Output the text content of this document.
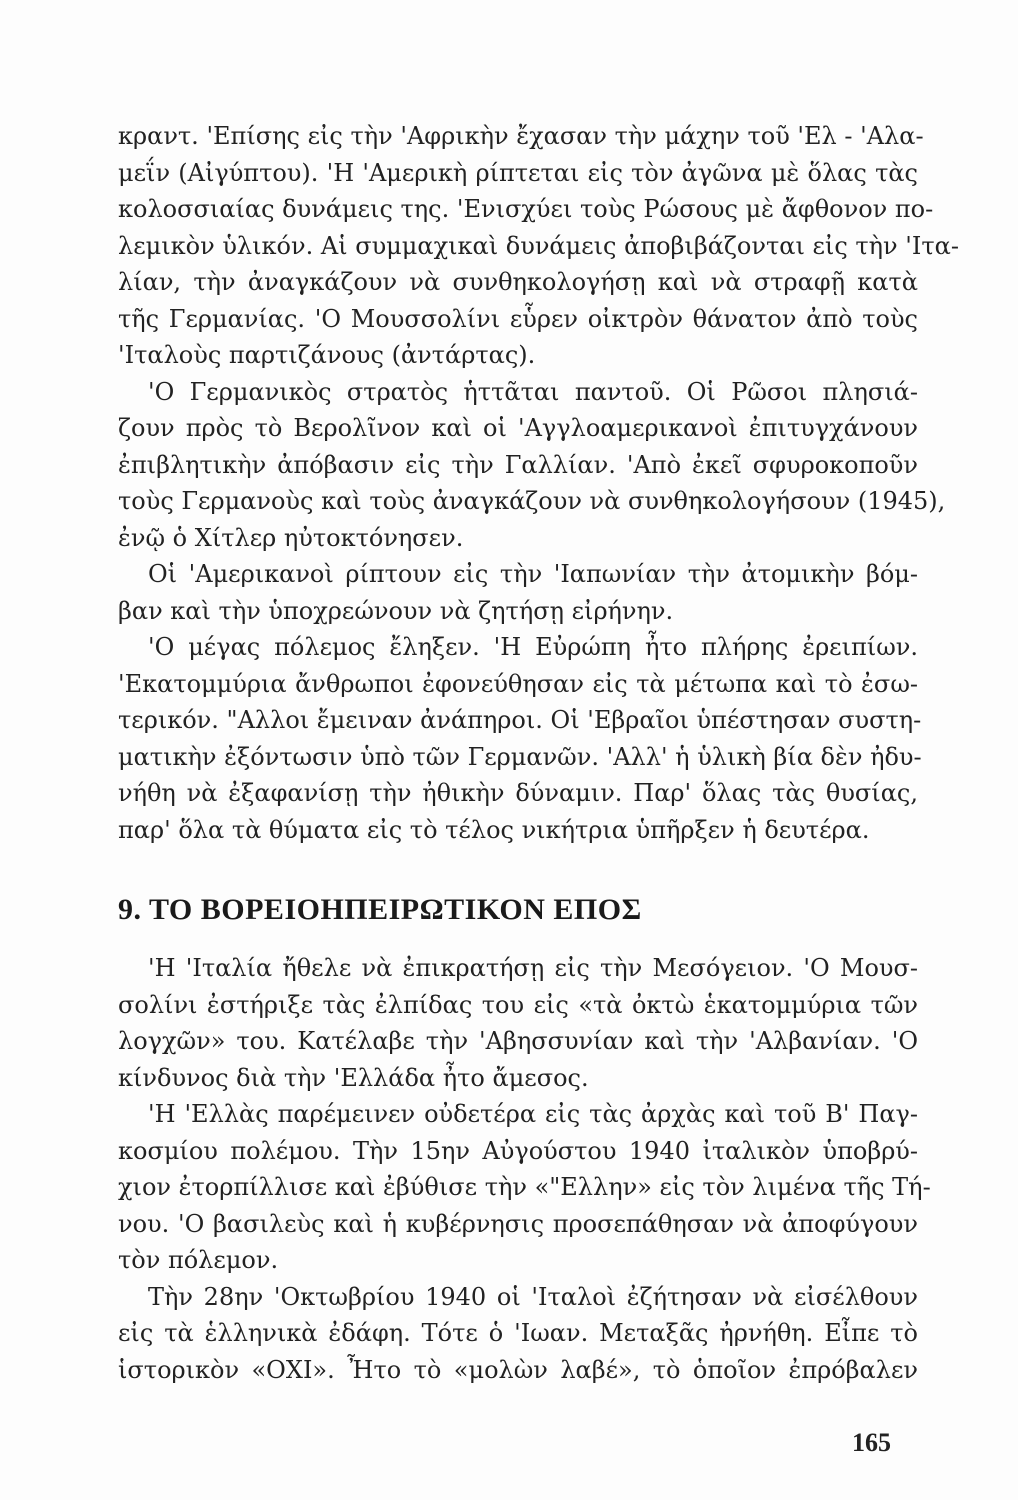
κραντ. 'Επίσης εἰς τὴν 'Αφρικὴν ἔχασαν τὴν μάχην τοῦ 'Ελ - 'Αλα-
μεΐν (Αἰγύπτου). 'Η 'Αμερικὴ ρίπτεται εἰς τὸν ἀγῶνα μὲ ὅλας τὰς
κολοσσιαίας δυνάμεις της. 'Ενισχύει τοὺς Ρώσους μὲ ἄφθονον πο-
λεμικὸν ὑλικόν. Αἱ συμμαχικαὶ δυνάμεις ἀποβιβάζονται εἰς τὴν 'Ιτα-
λίαν, τὴν ἀναγκάζουν νὰ συνθηκολογήσῃ καὶ νὰ στραφῇ κατὰ
τῆς Γερμανίας. 'Ο Μουσσολίνι εὗρεν οἰκτρὸν θάνατον ἀπὸ τοὺς
'Ιταλοὺς παρτιζάνους (ἀντάρτας).
'Ο Γερμανικὸς στρατὸς ἡττᾶται παντοῦ. Οἱ Ρῶσοι πλησιά-
ζουν πρὸς τὸ Βερολῖνον καὶ οἱ 'Αγγλοαμερικανοὶ ἐπιτυγχάνουν
ἐπιβλητικὴν ἀπόβασιν εἰς τὴν Γαλλίαν. 'Απὸ ἐκεῖ σφυροκοποῦν
τοὺς Γερμανοὺς καὶ τοὺς ἀναγκάζουν νὰ συνθηκολογήσουν (1945),
ἐνῷ ὁ Χίτλερ ηὐτοκτόνησεν.
Οἱ 'Αμερικανοὶ ρίπτουν εἰς τὴν 'Ιαπωνίαν τὴν ἀτομικὴν βόμ-
βαν καὶ τὴν ὑποχρεώνουν νὰ ζητήσῃ εἰρήνην.
'Ο μέγας πόλεμος ἔληξεν. 'Η Εὐρώπη ἦτο πλήρης ἐρειπίων.
'Εκατομμύρια ἄνθρωποι ἐφονεύθησαν εἰς τὰ μέτωπα καὶ τὸ ἐσω-
τερικόν. "Αλλοι ἔμειναν ἀνάπηροι. Οἱ 'Εβραῖοι ὑπέστησαν συστη-
ματικὴν ἐξόντωσιν ὑπὸ τῶν Γερμανῶν. 'Αλλ' ἡ ὑλικὴ βία δὲν ἠδυ-
νήθη νὰ ἐξαφανίσῃ τὴν ἠθικὴν δύναμιν. Παρ' ὅλας τὰς θυσίας,
παρ' ὅλα τὰ θύματα εἰς τὸ τέλος νικήτρια ὑπῆρξεν ἡ δευτέρα.
9. ΤΟ ΒΟΡΕΙΟΗΠΕΙΡΩΤΙΚΟΝ ΕΠΟΣ
'Η 'Ιταλία ἤθελε νὰ ἐπικρατήσῃ εἰς τὴν Μεσόγειον. 'Ο Μουσ-
σολίνι ἐστήριξε τὰς ἐλπίδας του εἰς «τὰ ὀκτὼ ἑκατομμύρια τῶν
λογχῶν» του. Κατέλαβε τὴν 'Αβησσυνίαν καὶ τὴν 'Αλβανίαν. 'Ο
κίνδυνος διὰ τὴν 'Ελλάδα ἦτο ἄμεσος.
'Η 'Ελλὰς παρέμεινεν οὐδετέρα εἰς τὰς ἀρχὰς καὶ τοῦ Β' Παγ-
κοσμίου πολέμου. Τὴν 15ην Αὐγούστου 1940 ἰταλικὸν ὑποβρύ-
χιον ἐτορπίλλισε καὶ ἐβύθισε τὴν «"Ελλην» εἰς τὸν λιμένα τῆς Τή-
νου. 'Ο βασιλεὺς καὶ ἡ κυβέρνησις προσεπάθησαν νὰ ἀποφύγουν
τὸν πόλεμον.
Τὴν 28ην 'Οκτωβρίου 1940 οἱ 'Ιταλοὶ ἐζήτησαν νὰ εἰσέλθουν
εἰς τὰ ἑλληνικὰ ἐδάφη. Τότε ὁ 'Ιωαν. Μεταξᾶς ἠρνήθη. Εἶπε τὸ
ἱστορικὸν «ΟΧΙ». Ἦτο τὸ «μολὼν λαβέ», τὸ ὁποῖον ἐπρόβαλεν
165
